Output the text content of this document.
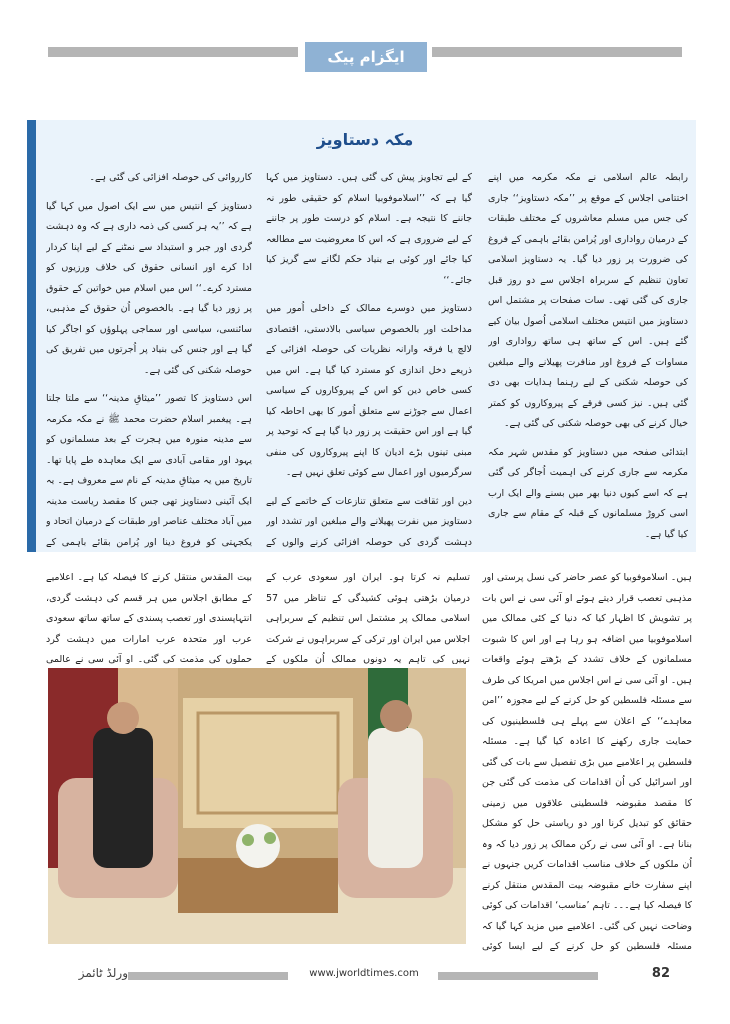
ایگزام پیک
مکہ دستاویز

رابطہ عالم اسلامی نے مکہ مکرمہ میں اپنے اختتامی اجلاس کے موقع پر ’’مکہ دستاویز‘‘ جاری کی جس میں مسلم معاشروں کے مختلف طبقات کے درمیان رواداری اور پُرامن بقائے باہمی کے فروغ کی ضرورت پر زور دیا گیا۔ یہ دستاویز اسلامی تعاون تنظیم کے سربراہ اجلاس سے دو روز قبل جاری کی گئی تھی۔ سات صفحات پر مشتمل اس دستاویز میں انتیس مختلف اسلامی اُصول بیان کیے گئے ہیں۔ اس کے ساتھ ہی ساتھ رواداری اور مساوات کے فروغ اور منافرت پھیلانے والے مبلغین کی حوصلہ شکنی کے لیے رہنما ہدایات بھی دی گئی ہیں۔ نیز کسی فرقے کے پیروکاروں کو کمتر خیال کرنے کی بھی حوصلہ شکنی کی گئی ہے۔

ابتدائی صفحہ میں دستاویز کو مقدس شہر مکہ مکرمہ سے جاری کرنے کی اہمیت اُجاگر کی گئی ہے کہ اسے کیوں دنیا بھر میں بسنے والے ایک ارب اسی کروڑ مسلمانوں کے قبلہ کے مقام سے جاری کیا گیا ہے۔

کے لیے تجاویز پیش کی گئی ہیں۔ دستاویز میں کہا گیا ہے کہ ’’اسلاموفوبیا اسلام کو حقیقی طور نہ جاننے کا نتیجہ ہے۔ اسلام کو درست طور پر جاننے کے لیے ضروری ہے کہ اس کا معروضیت سے مطالعہ کیا جائے اور کوئی بے بنیاد حکم لگانے سے گریز کیا جائے۔‘‘

دستاویز میں دوسرے ممالک کے داخلی اُمور میں مداخلت اور بالخصوص سیاسی بالادستی، اقتصادی لالچ یا فرقہ وارانہ نظریات کی حوصلہ افزائی کے ذریعے دخل اندازی کو مسترد کیا گیا ہے۔ اس میں کسی خاص دین کو اس کے پیروکاروں کے سیاسی اعمال سے جوڑنے سے متعلق اُمور کا بھی احاطہ کیا گیا ہے اور اس حقیقت پر زور دیا گیا ہے کہ توحید پر مبنی تینوں بڑے ادیان کا اپنے پیروکاروں کی منفی سرگرمیوں اور اعمال سے کوئی تعلق نہیں ہے۔

دین اور ثقافت سے متعلق تنازعات کے خاتمے کے لیے دستاویز میں نفرت پھیلانے والے مبلغین اور تشدد اور دہشت گردی کی حوصلہ افزائی کرنے والوں کے

کارروائی کی حوصلہ افزائی کی گئی ہے۔

دستاویز کے انتیس میں سے ایک اصول میں کہا گیا ہے کہ ’’یہ ہر کسی کی ذمہ داری ہے کہ وہ دہشت گردی اور جبر و استبداد سے نمٹنے کے لیے اپنا کردار ادا کرے اور انسانی حقوق کی خلاف ورزیوں کو مسترد کرے۔‘‘ اس میں اسلام میں خواتین کے حقوق پر زور دیا گیا ہے۔ بالخصوص اُن حقوق کے مذہبی، سائنسی، سیاسی اور سماجی پہلوؤں کو اجاگر کیا گیا ہے اور جنس کی بنیاد پر اُجرتوں میں تفریق کی حوصلہ شکنی کی گئی ہے۔

اس دستاویز کا تصور ’’میثاقِ مدینہ‘‘ سے ملتا جلتا ہے۔ پیغمبر اسلام حضرت محمد ﷺ نے مکہ مکرمہ سے مدینہ منورہ میں ہجرت کے بعد مسلمانوں کو یہود اور مقامی آبادی سے ایک معاہدہ طے پایا تھا۔ تاریخ میں یہ میثاقِ مدینہ کے نام سے معروف ہے۔ یہ ایک آئینی دستاویز تھی جس کا مقصد ریاست مدینہ میں آباد مختلف عناصر اور طبقات کے درمیان اتحاد و یکجہتی کو فروغ دینا اور پُرامن بقائے باہمی کے

ہیں۔ اسلاموفوبیا کو عصر حاضر کی نسل پرستی اور مذہبی تعصب قرار دیتے ہوئے او آئی سی نے اس بات پر تشویش کا اظہار کیا کہ دنیا کے کئی ممالک میں اسلاموفوبیا میں اضافہ ہو رہا ہے اور اس کا شبوت مسلمانوں کے خلاف تشدد کے بڑھتے ہوئے واقعات ہیں۔ او آئی سی نے اس اجلاس میں امریکا کی طرف سے مسئلہ فلسطین کو حل کرنے کے لیے مجوزہ ’’امن معاہدے‘‘ کے اعلان سے پہلے ہی فلسطینیوں کی حمایت جاری رکھنے کا اعادہ کیا گیا ہے۔ مسئلہ فلسطین پر اعلامیے میں بڑی تفصیل سے بات کی گئی اور اسرائیل کی اُن اقدامات کی مذمت کی گئی جن کا مقصد مقبوضہ فلسطینی علاقوں میں زمینی حقائق کو تبدیل کرنا اور دو ریاستی حل کو مشکل بنانا ہے۔ او آئی سی نے رکن ممالک پر زور دیا کہ وہ اُن ملکوں کے خلاف مناسب اقدامات کریں جنہوں نے اپنے سفارت خانے مقبوضہ بیت المقدس منتقل کرنے کا فیصلہ کیا ہے۔۔۔ تاہم ’مناسب‘ اقدامات کی کوئی وضاحت نہیں کی گئی۔ اعلامیے میں مزید کہا گیا کہ مسئلہ فلسطین کو حل کرنے کے لیے ایسا کوئی

تسلیم نہ کرتا ہو۔ ایران اور سعودی عرب کے درمیان بڑھتی ہوئی کشیدگی کے تناظر میں 57 اسلامی ممالک پر مشتمل اس تنظیم کے سربراہی اجلاس میں ایران اور ترکی کے سربراہوں نے شرکت نہیں کی تاہم یہ دونوں ممالک اُن ملکوں کے

بیت المقدس منتقل کرنے کا فیصلہ کیا ہے۔ اعلامیے کے مطابق اجلاس میں ہر قسم کی دہشت گردی، انتہاپسندی اور تعصب پسندی کے ساتھ ساتھ سعودی عرب اور متحدہ عرب امارات میں دہشت گرد حملوں کی مذمت کی گئی۔ او آئی سی نے عالمی

ورلڈ ٹائمز	www.jworldtimes.com	82
